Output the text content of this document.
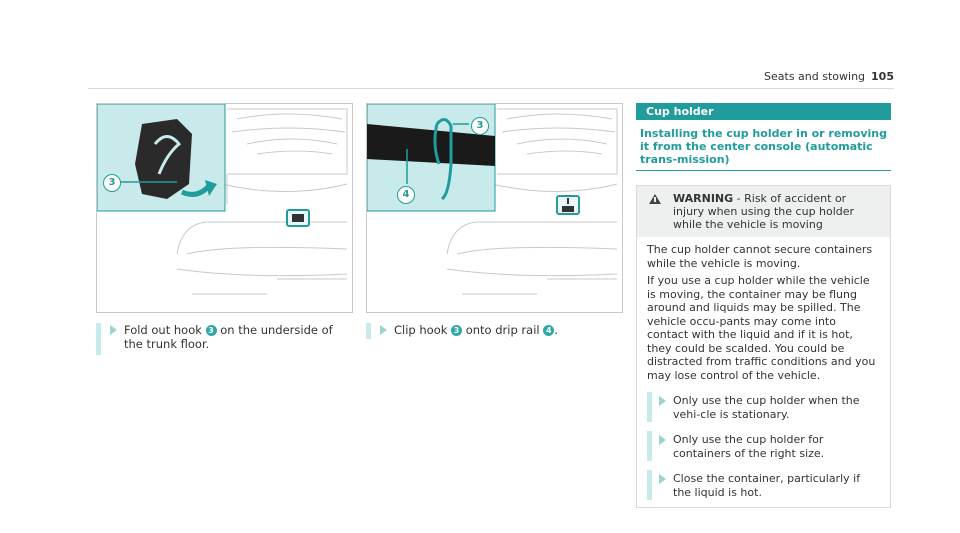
Seats and stowing 105
3
3
4
Fold out hook 3 on the underside of the trunk floor.
Clip hook 3 onto drip rail 4 .
Cup holder
Installing the cup holder in or removing it from the center console (automatic trans-mission)
WARNING - Risk of accident or injury when using the cup holder while the vehicle is moving

The cup holder cannot secure containers while the vehicle is moving.

If you use a cup holder while the vehicle is moving, the container may be flung around and liquids may be spilled. The vehicle occu-pants may come into contact with the liquid and if it is hot, they could be scalded. You could be distracted from traffic conditions and you may lose control of the vehicle.

Only use the cup holder when the vehi-cle is stationary.
Only use the cup holder for containers of the right size.
Close the container, particularly if the liquid is hot.
